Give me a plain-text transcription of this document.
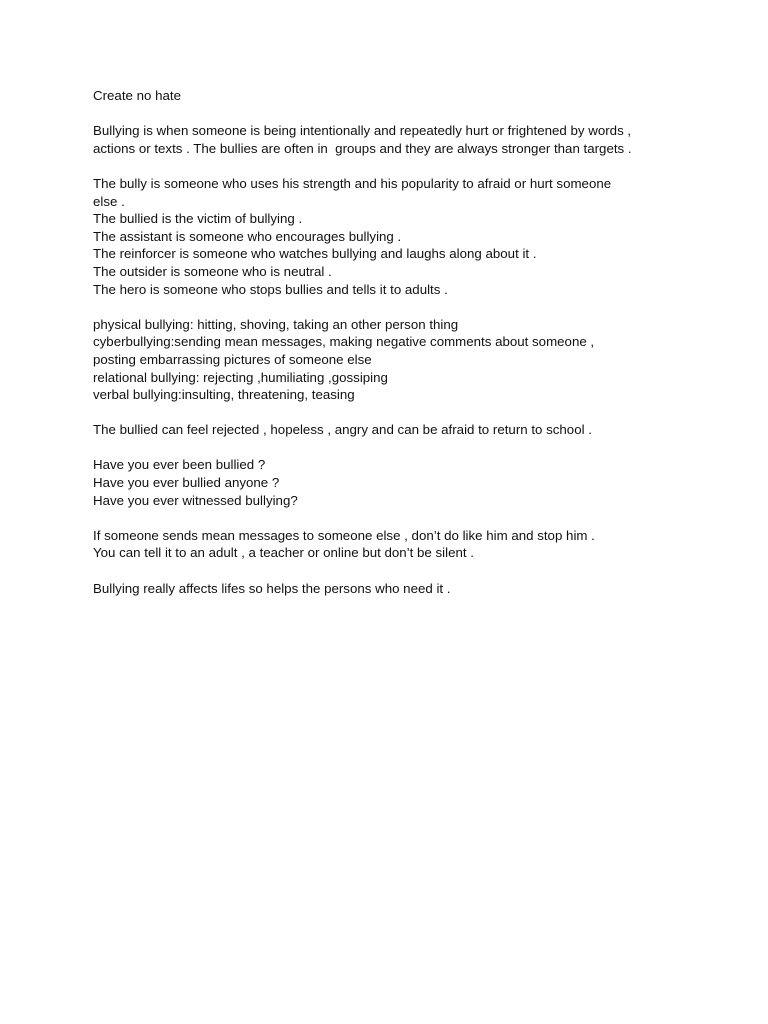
Create no hate

Bullying is when someone is being intentionally and repeatedly hurt or frightened by words ,

actions or texts . The bullies are often in  groups and they are always stronger than targets .

The bully is someone who uses his strength and his popularity to afraid or hurt someone

else .

The bullied is the victim of bullying .

The assistant is someone who encourages bullying .

The reinforcer is someone who watches bullying and laughs along about it .

The outsider is someone who is neutral .

The hero is someone who stops bullies and tells it to adults .

physical bullying: hitting, shoving, taking an other person thing

cyberbullying:sending mean messages, making negative comments about someone ,

posting embarrassing pictures of someone else

relational bullying: rejecting ,humiliating ,gossiping

verbal bullying:insulting, threatening, teasing

The bullied can feel rejected , hopeless , angry and can be afraid to return to school .

Have you ever been bullied ?

Have you ever bullied anyone ?

Have you ever witnessed bullying?

If someone sends mean messages to someone else , don’t do like him and stop him .

You can tell it to an adult , a teacher or online but don’t be silent .

Bullying really affects lifes so helps the persons who need it .
